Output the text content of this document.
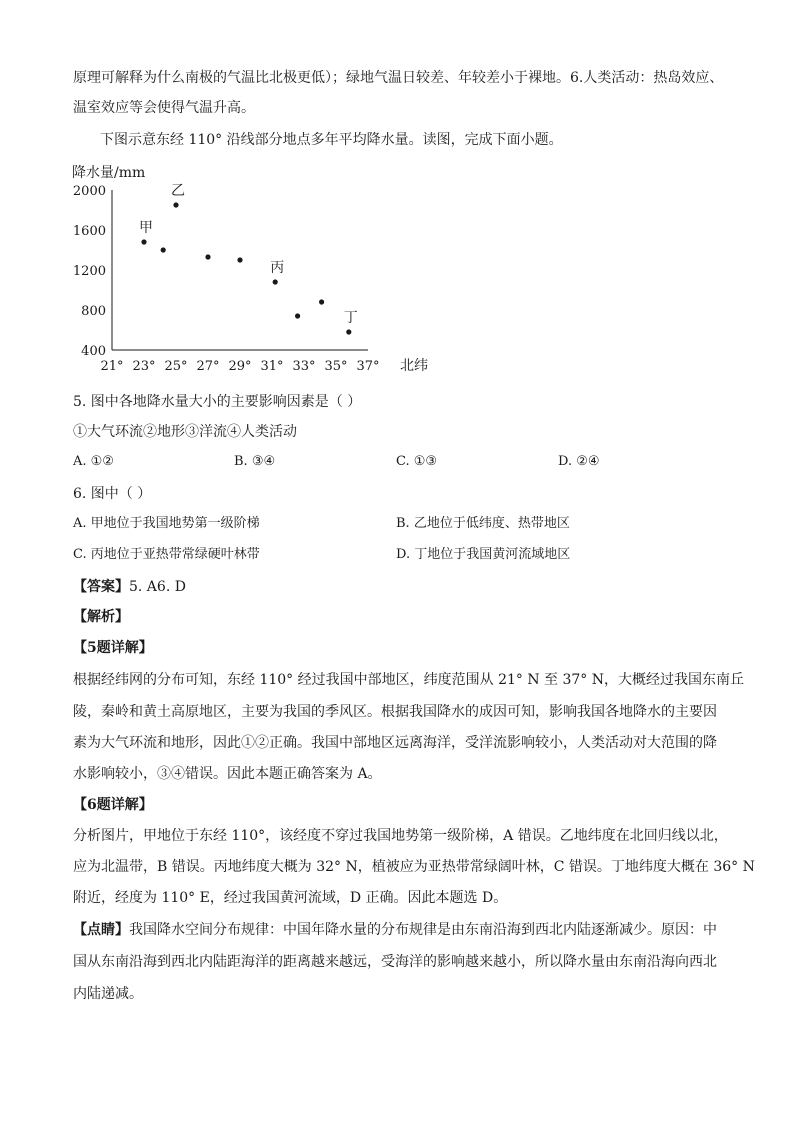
原理可解释为什么南极的气温比北极更低）；绿地气温日较差、年较差小于裸地。6.人类活动：热岛效应、
温室效应等会使得气温升高。
下图示意东经 110° 沿线部分地点多年平均降水量。读图，完成下面小题。
降水量/mm
北纬
2000
1600
1200
800
400
21° 23° 25° 27° 29° 31° 33° 35° 37°
甲
乙
丙
丁
5. 图中各地降水量大小的主要影响因素是（ ）
①大气环流②地形③洋流④人类活动
A. ①②	B. ③④	C. ①③	D. ②④
6. 图中（ ）
A. 甲地位于我国地势第一级阶梯	B. 乙地位于低纬度、热带地区
C. 丙地位于亚热带常绿硬叶林带	D. 丁地位于我国黄河流域地区
【答案】5. A6. D
【解析】
【5题详解】
根据经纬网的分布可知，东经 110° 经过我国中部地区，纬度范围从 21° N 至 37° N，大概经过我国东南丘
陵，秦岭和黄土高原地区，主要为我国的季风区。根据我国降水的成因可知，影响我国各地降水的主要因
素为大气环流和地形，因此①②正确。我国中部地区远离海洋，受洋流影响较小，人类活动对大范围的降
水影响较小，③④错误。因此本题正确答案为 A。
【6题详解】
分析图片，甲地位于东经 110°，该经度不穿过我国地势第一级阶梯，A 错误。乙地纬度在北回归线以北，
应为北温带，B 错误。丙地纬度大概为 32° N，植被应为亚热带常绿阔叶林，C 错误。丁地纬度大概在 36° N
附近，经度为 110° E，经过我国黄河流域，D 正确。因此本题选 D。
【点睛】我国降水空间分布规律：中国年降水量的分布规律是由东南沿海到西北内陆逐渐减少。原因：中
国从东南沿海到西北内陆距海洋的距离越来越远，受海洋的影响越来越小，所以降水量由东南沿海向西北
内陆递减。
